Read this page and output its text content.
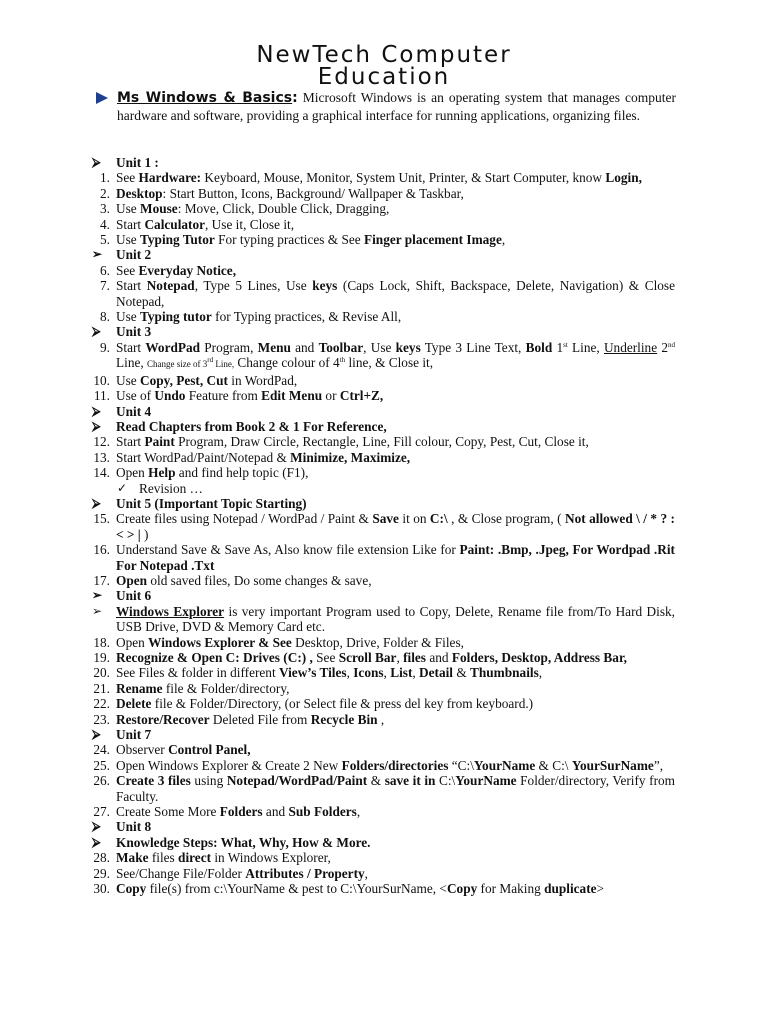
NewTech Computer
Education
Ms Windows & Basics: Microsoft Windows is an operating system that manages computer hardware and software, providing a graphical interface for running applications, organizing files.
⮚ Unit 1 :
1. See Hardware: Keyboard, Mouse, Monitor, System Unit, Printer, & Start Computer, know Login,
2. Desktop: Start Button, Icons, Background/ Wallpaper & Taskbar,
3. Use Mouse: Move, Click, Double Click, Dragging,
4. Start Calculator, Use it, Close it,
5. Use Typing Tutor For typing practices & See Finger placement Image,
➢ Unit 2
6. See Everyday Notice,
7. Start Notepad, Type 5 Lines, Use keys (Caps Lock, Shift, Backspace, Delete, Navigation) & Close Notepad,
8. Use Typing tutor for Typing practices, & Revise All,
⮚ Unit 3
9. Start WordPad Program, Menu and Toolbar, Use keys Type 3 Line Text, Bold 1st Line, Underline 2nd Line, Change size of 3rd Line, Change colour of 4th line, & Close it,
10. Use Copy, Pest, Cut in WordPad,
11. Use of Undo Feature from Edit Menu or Ctrl+Z,
⮚ Unit 4
⮚ Read Chapters from Book 2 & 1 For Reference,
12. Start Paint Program, Draw Circle, Rectangle, Line, Fill colour, Copy, Pest, Cut, Close it,
13. Start WordPad/Paint/Notepad & Minimize, Maximize,
14. Open Help and find help topic (F1),
✓ Revision …
⮚ Unit 5 (Important Topic Starting)
15. Create files using Notepad / WordPad / Paint & Save it on C:\ , & Close program, ( Not allowed \ / * ? : < > | )
16. Understand Save & Save As, Also know file extension Like for Paint: .Bmp, .Jpeg, For Wordpad .Rit For Notepad .Txt
17. Open old saved files, Do some changes & save,
➢ Unit 6
➢ Windows Explorer is very important Program used to Copy, Delete, Rename file from/To Hard Disk, USB Drive, DVD & Memory Card etc.
18. Open Windows Explorer & See Desktop, Drive, Folder & Files,
19. Recognize & Open C: Drives (C:) , See Scroll Bar, files and Folders, Desktop, Address Bar,
20. See Files & folder in different View’s Tiles, Icons, List, Detail & Thumbnails,
21. Rename file & Folder/directory,
22. Delete file & Folder/Directory, (or Select file & press del key from keyboard.)
23. Restore/Recover Deleted File from Recycle Bin ,
⮚ Unit 7
24. Observer Control Panel,
25. Open Windows Explorer & Create 2 New Folders/directories “C:\YourName & C:\ YourSurName”,
26. Create 3 files using Notepad/WordPad/Paint & save it in C:\YourName Folder/directory, Verify from Faculty.
27. Create Some More Folders and Sub Folders,
⮚ Unit 8
⮚ Knowledge Steps: What, Why, How & More.
28. Make files direct in Windows Explorer,
29. See/Change File/Folder Attributes / Property,
30. Copy file(s) from c:\YourName & pest to C:\YourSurName, <Copy for Making duplicate>
